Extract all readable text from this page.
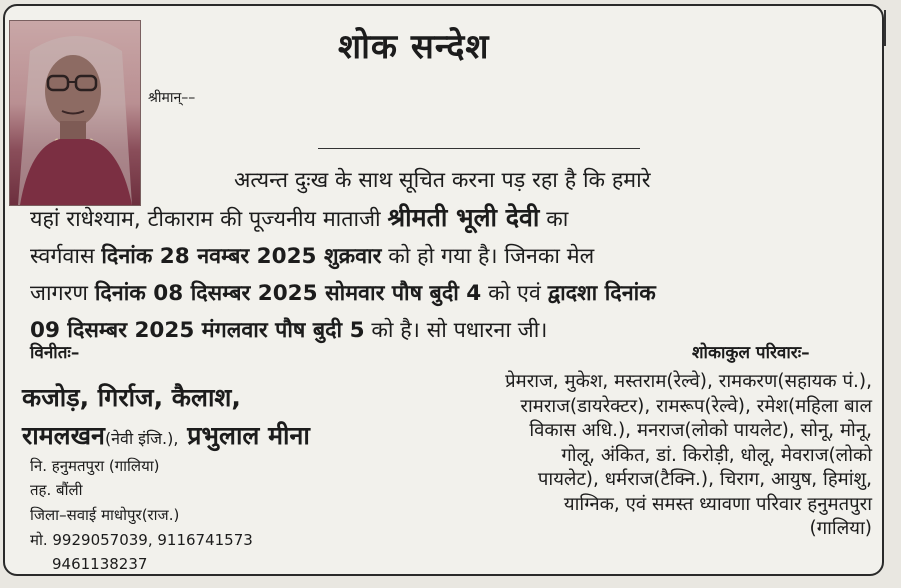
शोक सन्देश
श्रीमान्––

अत्यन्त दुःख के साथ सूचित करना पड़ रहा है कि हमारे

यहां राधेश्याम, टीकाराम की पूज्यनीय माताजी श्रीमती भूली देवी का

स्वर्गवास दिनांक 28 नवम्बर 2025 शुक्रवार को हो गया है। जिनका मेल

जागरण दिनांक 08 दिसम्बर 2025 सोमवार पौष बुदी 4 को एवं द्वादशा दिनांक

09 दिसम्बर 2025 मंगलवार पौष बुदी 5 को है। सो पधारना जी।

विनीतः–
कजोड़, गिर्राज, कैलाश,
रामलखन(नेवी इंजि.), प्रभुलाल मीना
नि. हनुमतपुरा (गालिया)
तह. बौंली
जिला–सवाई माधोपुर(राज.)
मो. 9929057039, 9116741573
9461138237
शोकाकुल परिवारः–

प्रेमराज, मुकेश, मस्तराम(रेल्वे), रामकरण(सहायक पं.),

रामराज(डायरेक्टर), रामरूप(रेल्वे), रमेश(महिला बाल

विकास अधि.), मनराज(लोको पायलेट), सोनू, मोनू,

गोलू, अंकित, डां. किरोड़ी, धोलू, मेवराज(लोको

पायलेट), धर्मराज(टैक्नि.), चिराग, आयुष, हिमांशु,

याग्निक, एवं समस्त ध्यावणा परिवार हनुमतपुरा

(गालिया)
